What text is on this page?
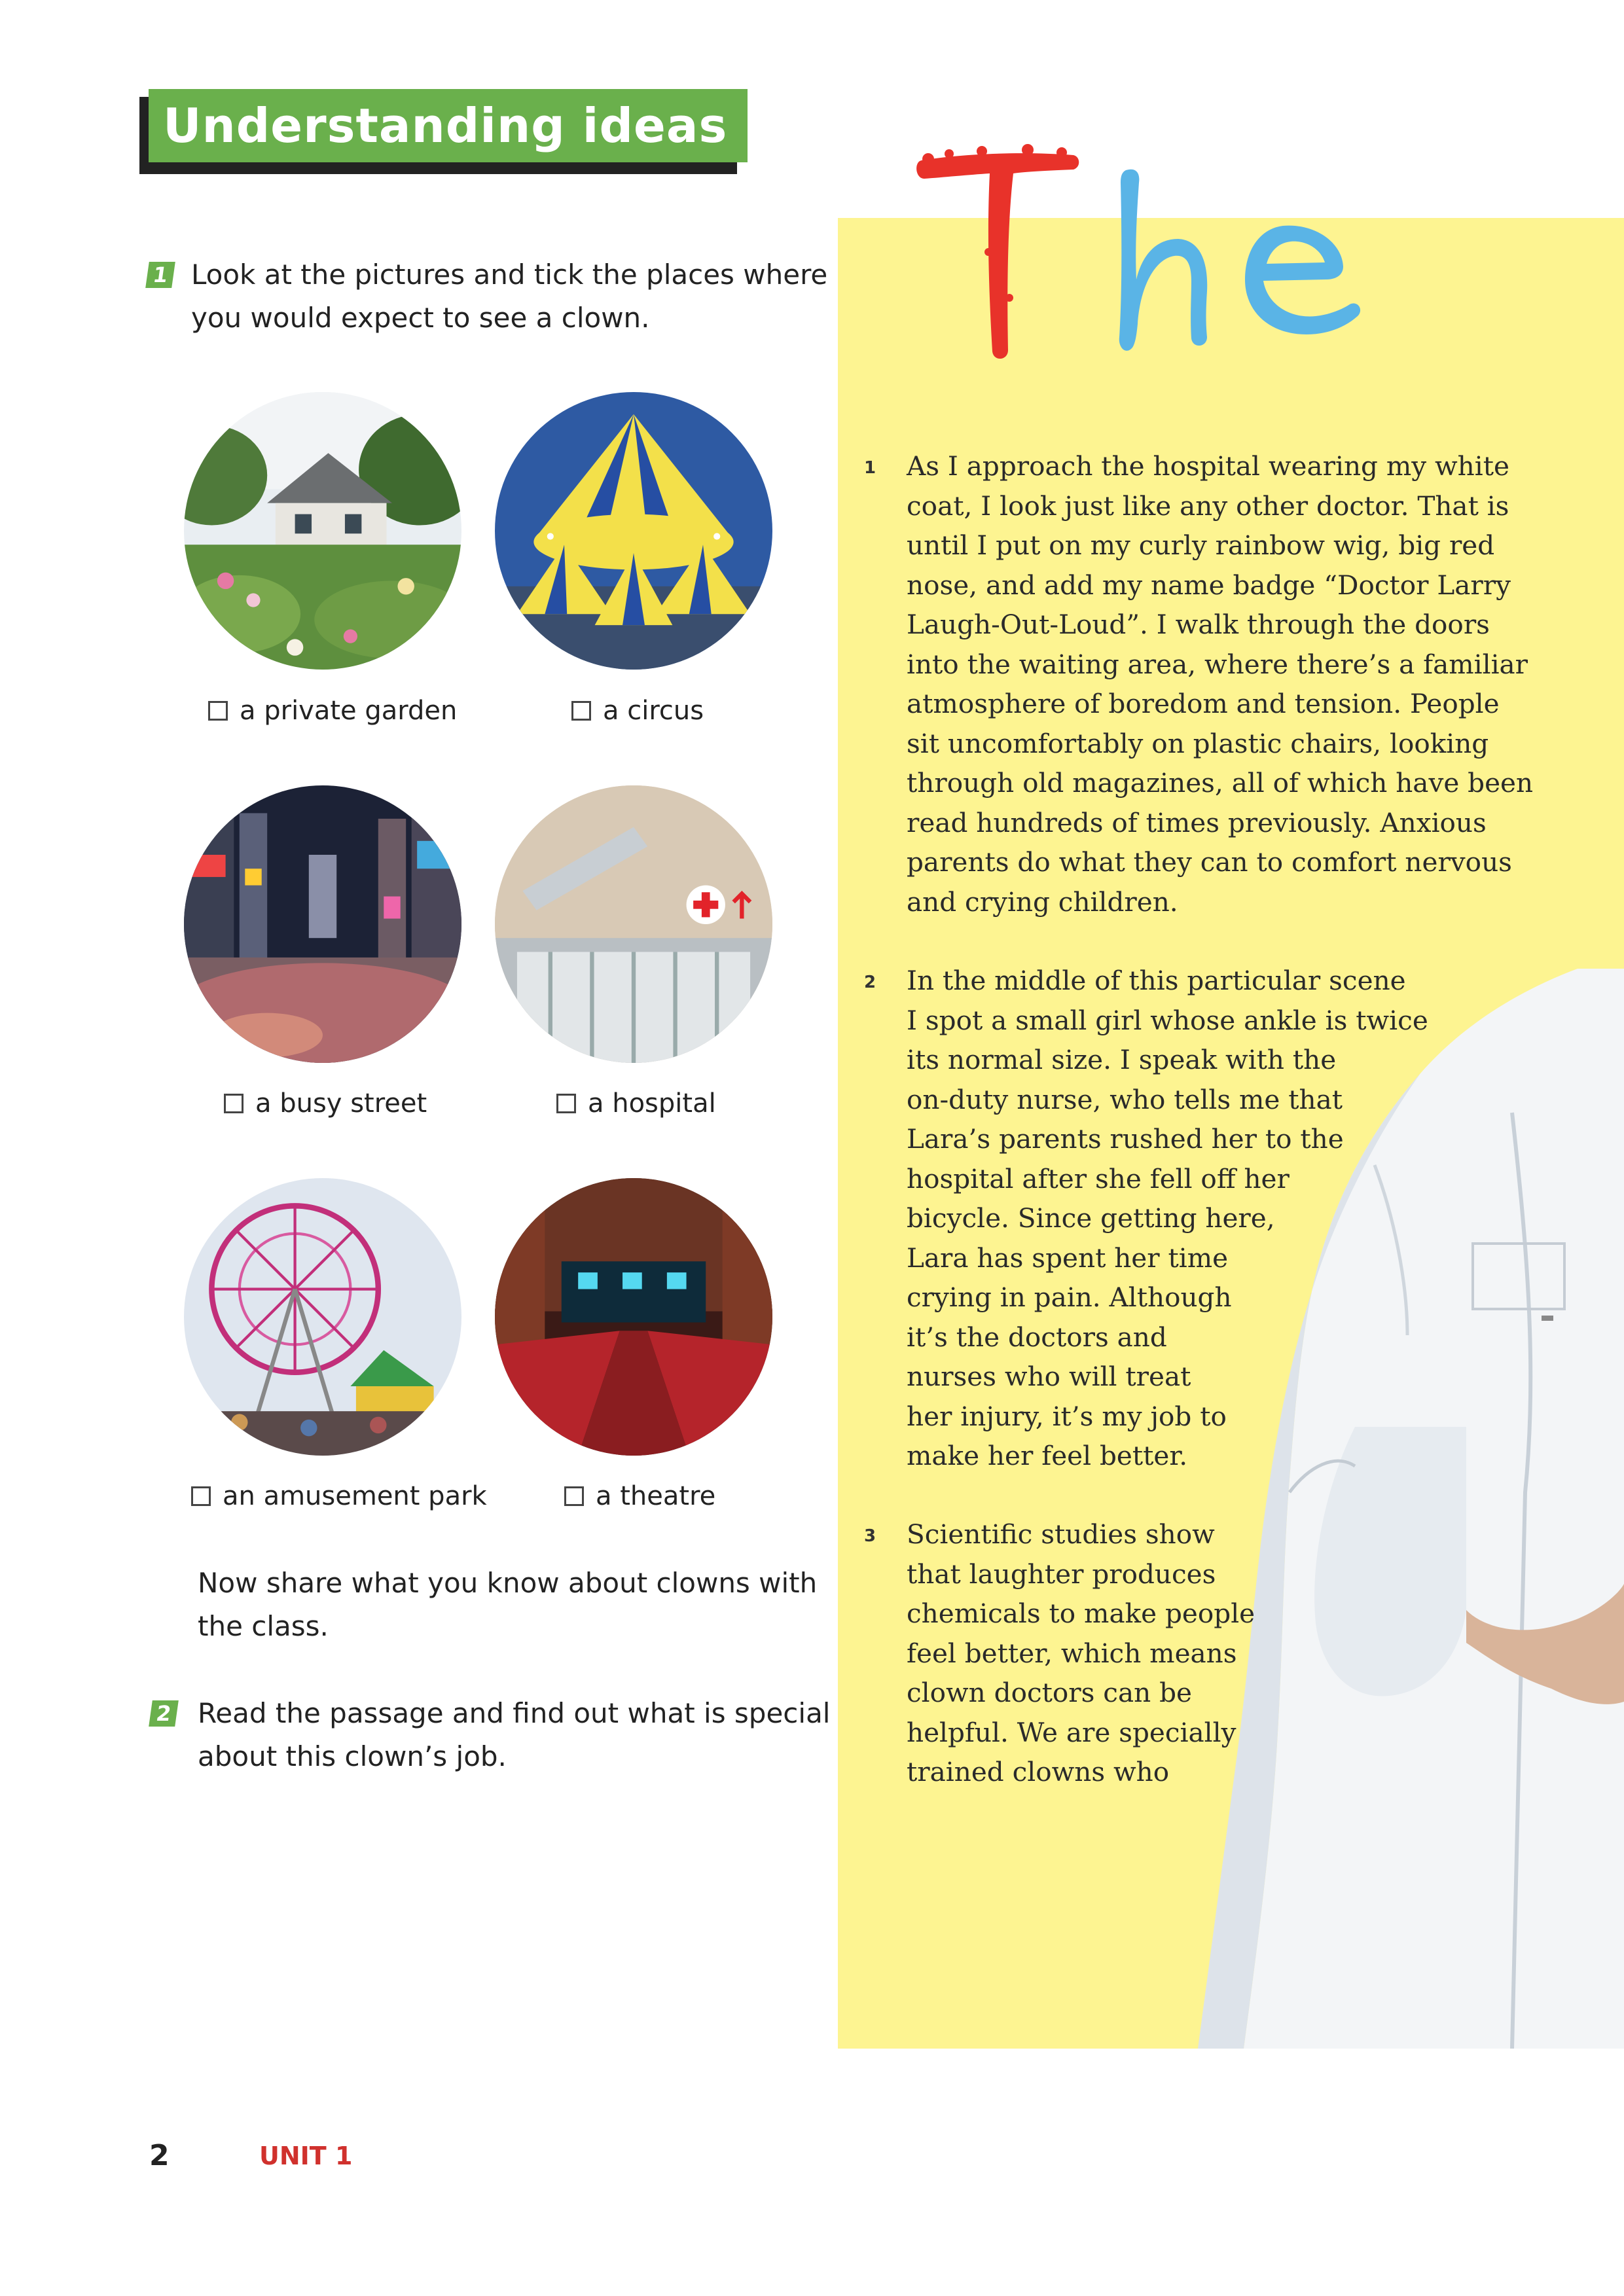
Understanding ideas
1 Look at the pictures and tick the places where
you would expect to see a clown.
a private garden	a circus
a busy street	a hospital
an amusement park	a theatre
Now share what you know about clowns with
the class.
2 Read the passage and find out what is special
about this clown’s job.
1 As I approach the hospital wearing my white
coat, I look just like any other doctor. That is
until I put on my curly rainbow wig, big red
nose, and add my name badge “Doctor Larry
Laugh-Out-Loud”. I walk through the doors
into the waiting area, where there’s a familiar
atmosphere of boredom and tension. People
sit uncomfortably on plastic chairs, looking
through old magazines, all of which have been
read hundreds of times previously. Anxious
parents do what they can to comfort nervous
and crying children.
2 In the middle of this particular scene
I spot a small girl whose ankle is twice
its normal size. I speak with the
on-duty nurse, who tells me that
Lara’s parents rushed her to the
hospital after she fell off her
bicycle. Since getting here,
Lara has spent her time
crying in pain. Although
it’s the doctors and
nurses who will treat
her injury, it’s my job to
make her feel better.
3 Scientific studies show
that laughter produces
chemicals to make people
feel better, which means
clown doctors can be
helpful. We are specially
trained clowns who
2	UNIT 1
